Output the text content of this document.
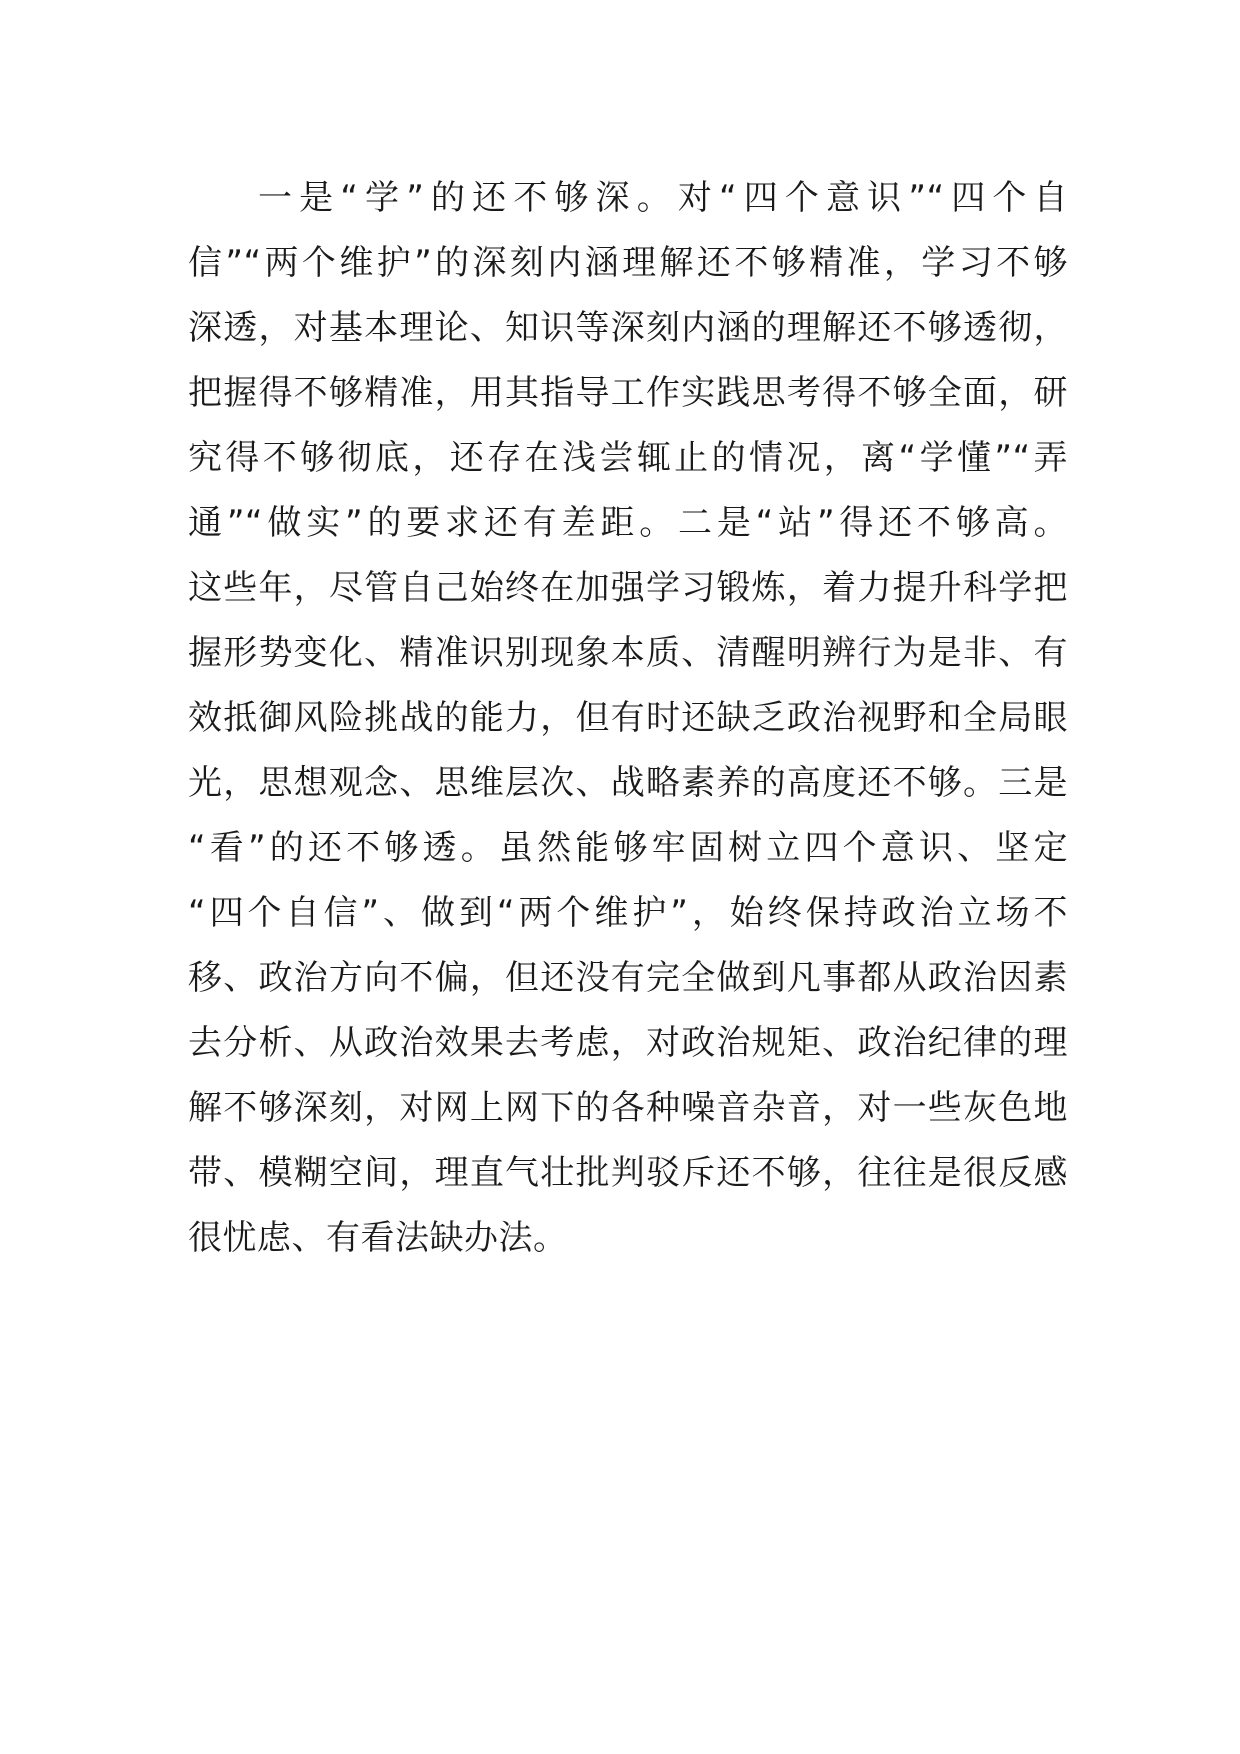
一是“学”的还不够深。对“四个意识”“四个自
信”“两个维护”的深刻内涵理解还不够精准，学习不够
深透，对基本理论、知识等深刻内涵的理解还不够透彻，
把握得不够精准，用其指导工作实践思考得不够全面，研
究得不够彻底，还存在浅尝辄止的情况，离“学懂”“弄
通”“做实”的要求还有差距。二是“站”得还不够高。
这些年，尽管自己始终在加强学习锻炼，着力提升科学把
握形势变化、精准识别现象本质、清醒明辨行为是非、有
效抵御风险挑战的能力，但有时还缺乏政治视野和全局眼
光，思想观念、思维层次、战略素养的高度还不够。三是
“看”的还不够透。虽然能够牢固树立四个意识、坚定
“四个自信”、做到“两个维护”，始终保持政治立场不
移、政治方向不偏，但还没有完全做到凡事都从政治因素
去分析、从政治效果去考虑，对政治规矩、政治纪律的理
解不够深刻，对网上网下的各种噪音杂音，对一些灰色地
带、模糊空间，理直气壮批判驳斥还不够，往往是很反感
很忧虑、有看法缺办法。
